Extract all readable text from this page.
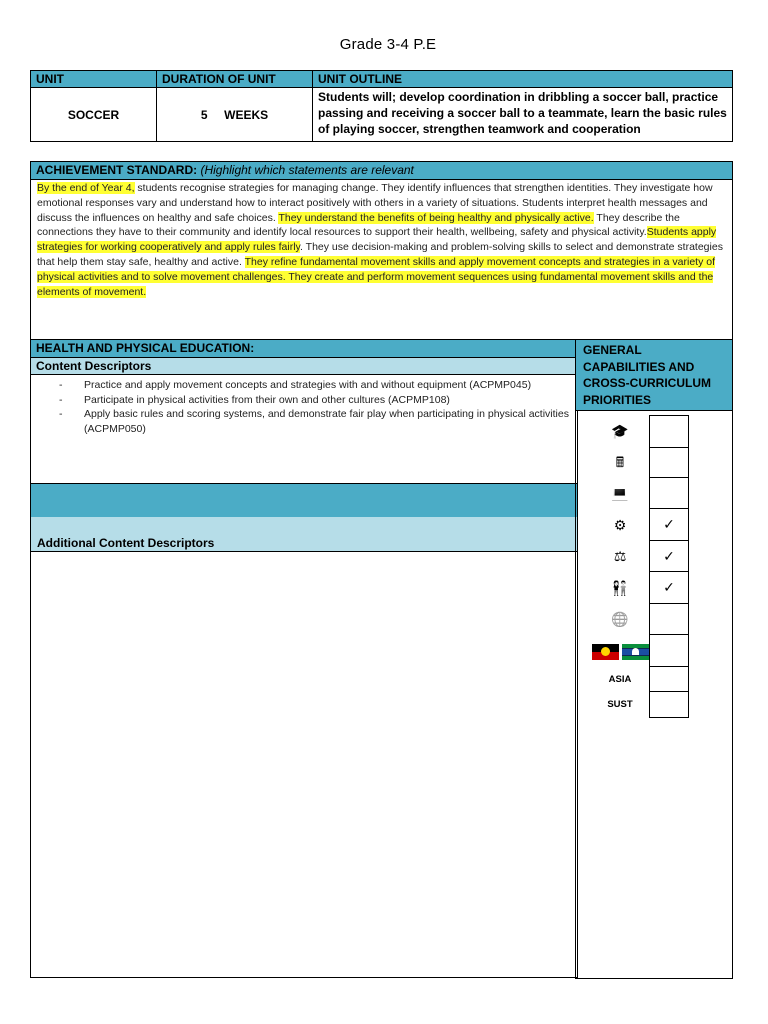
Grade 3-4 P.E
UNIT	DURATION OF UNIT	UNIT OUTLINE
SOCCER	5 WEEKS	Students will; develop coordination in dribbling a soccer ball, practice passing and receiving a soccer ball to a teammate, learn the basic rules of playing soccer, strengthen teamwork and cooperation
ACHIEVEMENT STANDARD: (Highlight which statements are relevant
By the end of Year 4, students recognise strategies for managing change. They identify influences that strengthen identities. They investigate how emotional responses vary and understand how to interact positively with others in a variety of situations. Students interpret health messages and discuss the influences on healthy and safe choices. They understand the benefits of being healthy and physically active. They describe the connections they have to their community and identify local resources to support their health, wellbeing, safety and physical activity.Students apply strategies for working cooperatively and apply rules fairly. They use decision-making and problem-solving skills to select and demonstrate strategies that help them stay safe, healthy and active. They refine fundamental movement skills and apply movement concepts and strategies in a variety of physical activities and to solve movement challenges. They create and perform movement sequences using fundamental movement skills and the elements of movement.
HEALTH AND PHYSICAL EDUCATION:
Content Descriptors
- Practice and apply movement concepts and strategies with and without equipment (ACPMP045)
- Participate in physical activities from their own and other cultures (ACPMP108)
- Apply basic rules and scoring systems, and demonstrate fair play when participating in physical activities (ACPMP050)
Additional Content Descriptors
GENERAL CAPABILITIES AND CROSS-CURRICULUM PRIORITIES
🎓
🖩
💻
⚙	✓
⚖	✓
👫	✓
🌐
ASIA
SUST
